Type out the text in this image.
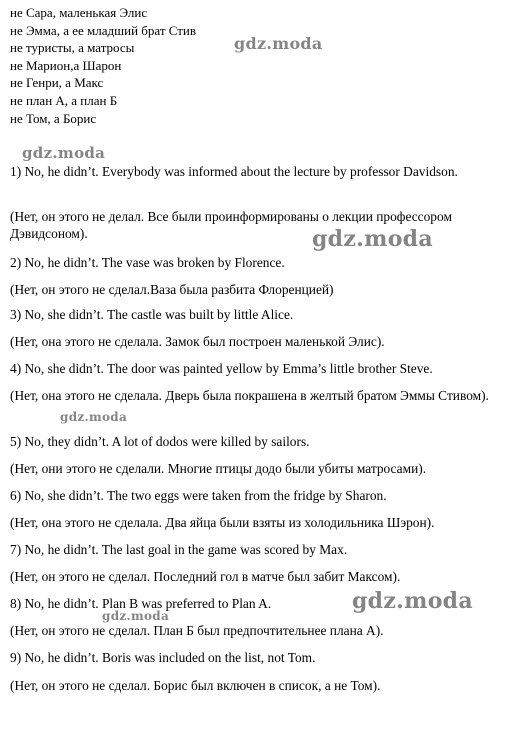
не Сара, маленькая Элис
не Эмма, а ее младший брат Стив
не туристы, а матросы
не Марион,а Шарон
не Генри, а Макс
не план А, а план Б
не Том, а Борис
1) No, he didn’t. Everybody was informed about the lecture by professor Davidson.
(Нет, он этого не делал. Все были проинформированы о лекции профессором Дэвидсоном).
2) No, he didn’t. The vase was broken by Florence.
(Нет, он этого не сделал.Ваза была разбита Флоренцией)
3) No, she didn’t. The castle was built by little Alice.
(Нет, она этого не сделала. Замок был построен маленькой Элис).
4) No, she didn’t. The door was painted yellow by Emma’s little brother Steve.
(Нет, она этого не сделала. Дверь была покрашена в желтый братом Эммы Стивом).
5) No, they didn’t. A lot of dodos were killed by sailors.
(Нет, они этого не сделали. Многие птицы додо были убиты матросами).
6) No, she didn’t. The two eggs were taken from the fridge by Sharon.
(Нет, она этого не сделала. Два яйца были взяты из холодильника Шэрон).
7) No, he didn’t. The last goal in the game was scored by Max.
(Нет, он этого не сделал. Последний гол в матче был забит Максом).
8) No, he didn’t. Plan B was preferred to Plan A.
(Нет, он этого не сделал. План Б был предпочтительнее плана А).
9) No, he didn’t. Boris was included on the list, not Tom.
(Нет, он этого не сделал. Борис был включен в список, а не Том).
gdz.moda
gdz.moda
gdz.moda
gdz.moda
gdz.moda
gdz.moda
